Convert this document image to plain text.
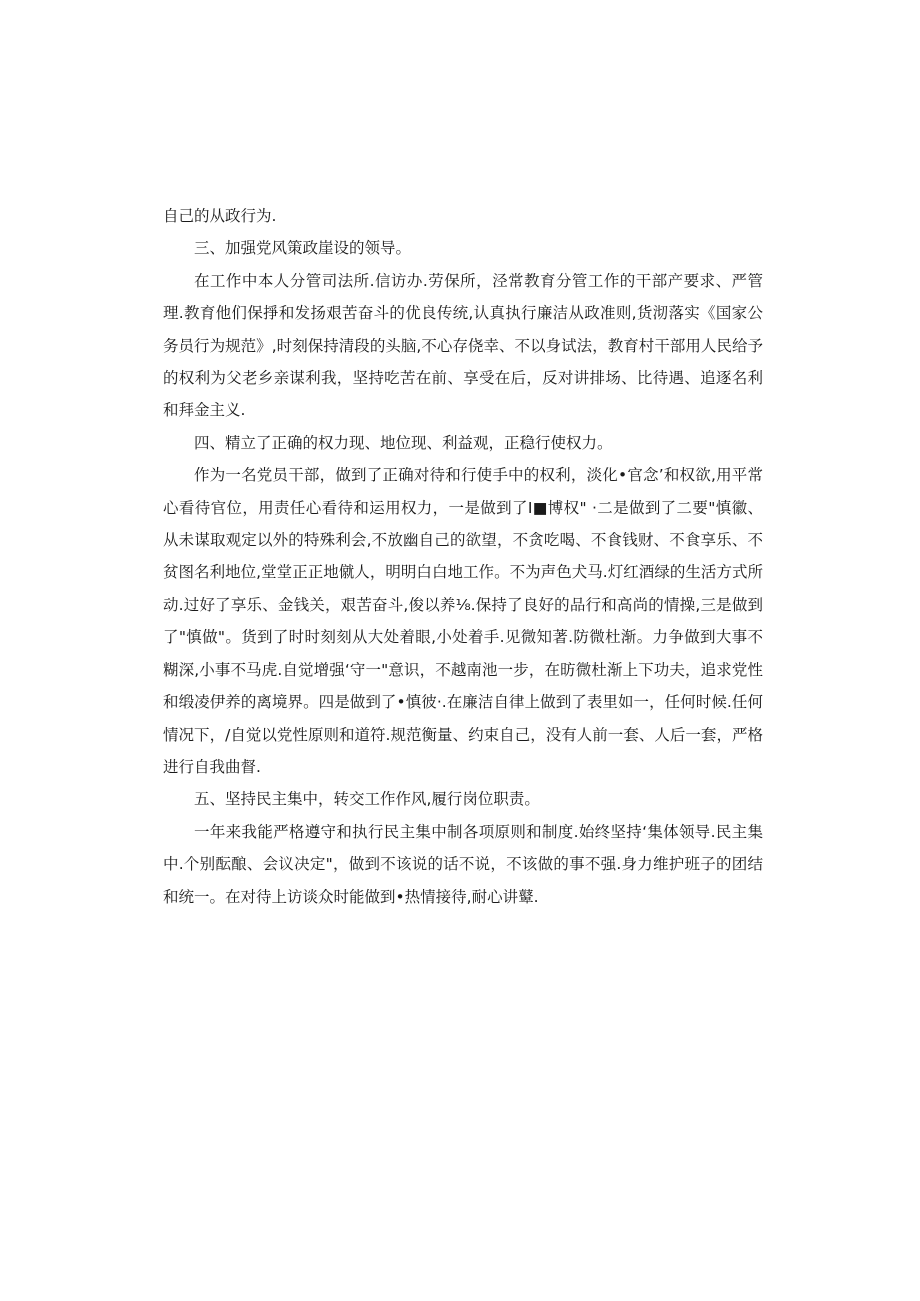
自己的从政行为.

三、加强党风策政崖设的领导。

在工作中本人分管司法所.信访办.劳保所，泾常教育分管工作的干部产要求、严管理.教育他们保掙和发扬艰苦奋斗的优良传统,认真执行廉洁从政准则,货沏落实《国家公务员行为规范》,时刻保持清段的头脑,不心存侥幸、不以身试法，教育村干部用人民给予的权利为父老乡亲谋利我，坚持吃苦在前、享受在后，反对讲排场、比待遇、追逐名利和拜金主义.

四、精立了正确的权力现、地位现、利益观，正稳行使权力。

作为一名党员干部，做到了正确对待和行使手中的权利，淡化•官念’和权欲,用平常心看待官位，用责任心看待和运用权力，一是做到了I■博权" ·二是做到了二要"慎徽、从未谋取观定以外的特殊利会,不放幽自己的欲望，不贪吃喝、不食钱财、不食享乐、不贫图名利地位,堂堂正正地僦人，明明白白地工作。不为声色犬马.灯红酒绿的生活方式所动.过好了享乐、金钱关，艰苦奋斗,俊以养⅛.保持了良好的品行和高尚的情操,三是做到了"慎做"。货到了时时刻刻从大处着眼,小处着手.见微知著.防微杜渐。力争做到大事不糊深,小事不马虎.自觉增强‘守一"意识，不越南池一步，在昉微杜渐上下功夫，追求党性和缎凌伊养的离境界。四是做到了•慎彼·.在廉洁自律上做到了表里如一，任何时候.任何情况下，/自觉以党性原则和道符.规范衡量、约束自己，没有人前一套、人后一套，严格进行自我曲督.

五、坚持民主集中，转交工作作风,履行岗位职责。

一年来我能严格遵守和执行民主集中制各项原则和制度.始终坚持‘集体领导.民主集中.个别酝酿、会议决定"，做到不该说的话不说，不该做的事不强.身力维护班子的团结和统一。在对待上访谈众时能做到•热情接待,耐心讲鼙.
